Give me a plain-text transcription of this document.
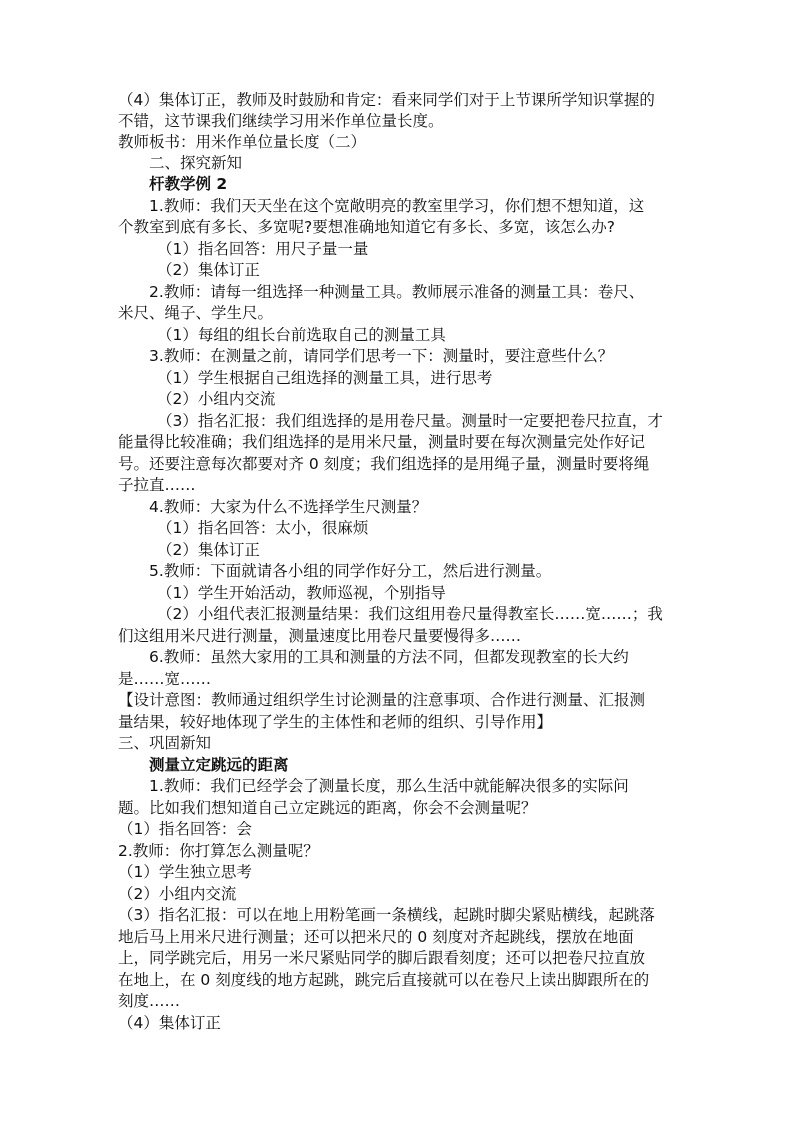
（4）集体订正，教师及时鼓励和肯定：看来同学们对于上节课所学知识掌握的
不错，这节课我们继续学习用米作单位量长度。
教师板书：用米作单位量长度（二）
二、探究新知
杆教学例 2
1.教师：我们天天坐在这个宽敞明亮的教室里学习，你们想不想知道，这
个教室到底有多长、多宽呢?要想准确地知道它有多长、多宽，该怎么办?
（1）指名回答：用尺子量一量
（2）集体订正
2.教师：请每一组选择一种测量工具。教师展示准备的测量工具：卷尺、
米尺、绳子、学生尺。
（1）每组的组长台前选取自己的测量工具
3.教师：在测量之前，请同学们思考一下：测量时，要注意些什么？
（1）学生根据自己组选择的测量工具，进行思考
（2）小组内交流
（3）指名汇报：我们组选择的是用卷尺量。测量时一定要把卷尺拉直，才
能量得比较准确；我们组选择的是用米尺量，测量时要在每次测量完处作好记
号。还要注意每次都要对齐 0 刻度；我们组选择的是用绳子量，测量时要将绳
子拉直……
4.教师：大家为什么不选择学生尺测量？
（1）指名回答：太小，很麻烦
（2）集体订正
5.教师：下面就请各小组的同学作好分工，然后进行测量。
（1）学生开始活动，教师巡视，个别指导
（2）小组代表汇报测量结果：我们这组用卷尺量得教室长……宽……；我
们这组用米尺进行测量，测量速度比用卷尺量要慢得多……
6.教师：虽然大家用的工具和测量的方法不同，但都发现教室的长大约
是……宽……
【设计意图：教师通过组织学生讨论测量的注意事项、合作进行测量、汇报测
量结果，较好地体现了学生的主体性和老师的组织、引导作用】
三、巩固新知
测量立定跳远的距离
1.教师：我们已经学会了测量长度，那么生活中就能解决很多的实际问
题。比如我们想知道自己立定跳远的距离，你会不会测量呢？
（1）指名回答：会
2.教师：你打算怎么测量呢？
（1）学生独立思考
（2）小组内交流
（3）指名汇报：可以在地上用粉笔画一条横线，起跳时脚尖紧贴横线，起跳落
地后马上用米尺进行测量；还可以把米尺的 0 刻度对齐起跳线，摆放在地面
上，同学跳完后，用另一米尺紧贴同学的脚后跟看刻度；还可以把卷尺拉直放
在地上，在 0 刻度线的地方起跳，跳完后直接就可以在卷尺上读出脚跟所在的
刻度……
（4）集体订正
